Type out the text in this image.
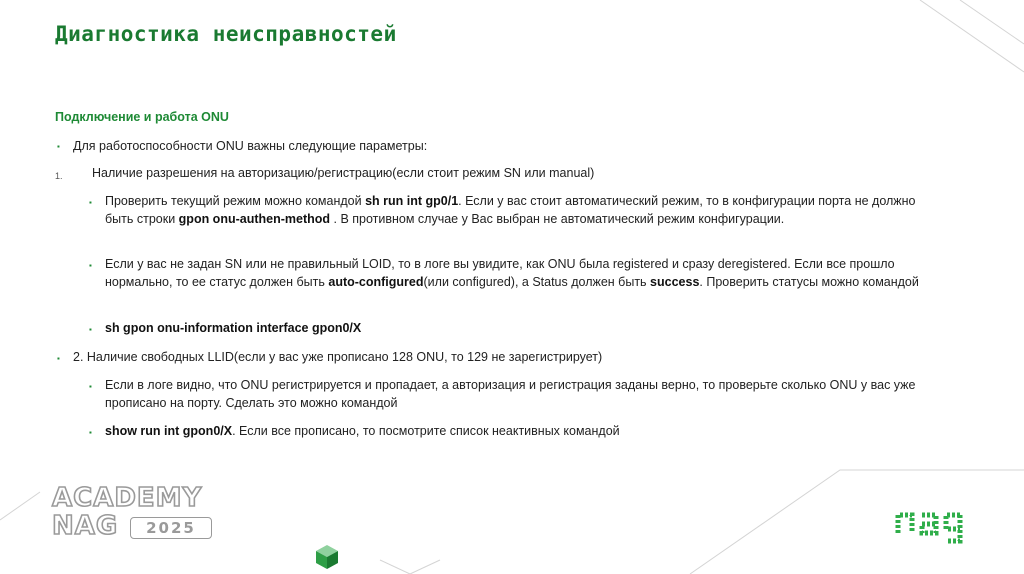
Диагностика неисправностей
Подключение и работа ONU
▪ Для работоспособности ONU важны следующие параметры:
1. Наличие разрешения на авторизацию/регистрацию(если стоит режим SN или manual)
▪ Проверить текущий режим можно командой sh run int gp0/1. Если у вас стоит автоматический режим, то в конфигурации порта не должно быть строки gpon onu-authen-method . В противном случае у Вас выбран не автоматический режим конфигурации.
▪ Если у вас не задан SN или не правильный LOID, то в логе вы увидите, как ONU была registered и сразу deregistered. Если все прошло нормально, то ее статус должен быть auto-configured(или configured), а Status должен быть success. Проверить статусы можно командой
▪ sh gpon onu-information interface gpon0/X
▪ 2. Наличие свободных LLID(если у вас уже прописано 128 ONU, то 129 не зарегистрирует)
▪ Если в логе видно, что ONU регистрируется и пропадает, а авторизация и регистрация заданы верно, то проверьте сколько ONU у вас уже прописано на порту. Сделать это можно командой
▪ show run int gpon0/X. Если все прописано, то посмотрите список неактивных командой
ACADEMY
NAG	2025
